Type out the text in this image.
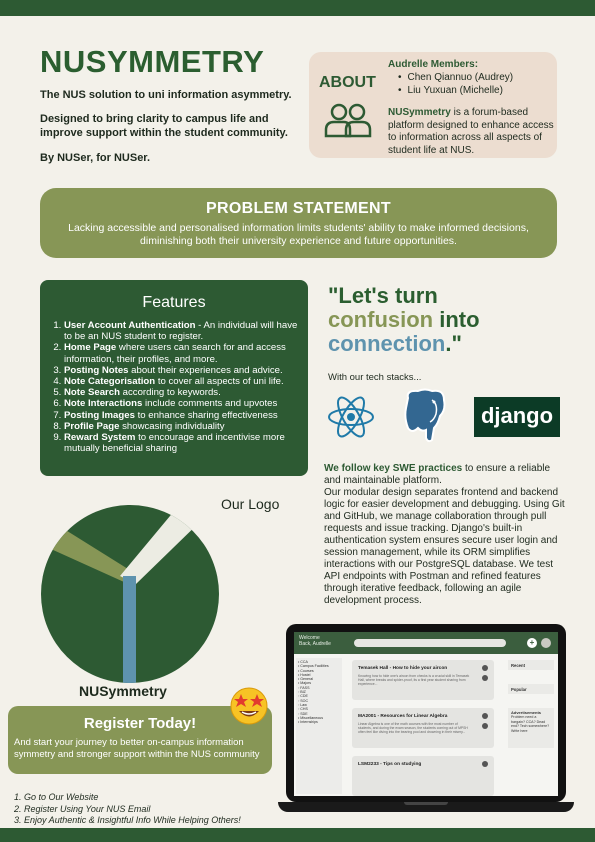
NUSYMMETRY
The NUS solution to uni information asymmetry.
Designed to bring clarity to campus life and improve support within the student community.
By NUSer, for NUSer.
ABOUT
Audrelle Members:
• Chen Qiannuo (Audrey)
• Liu Yuxuan (Michelle)
NUSymmetry is a forum-based platform designed to enhance access to information across all aspects of student life at NUS.
PROBLEM STATEMENT

Lacking accessible and personalised information limits students' ability to make informed decisions, diminishing both their university experience and future opportunities.

Features
1. User Account Authentication - An individual will have to be an NUS student to register.
2. Home Page where users can search for and access information, their profiles, and more.
3. Posting Notes about their experiences and advice.
4. Note Categorisation to cover all aspects of uni life.
5. Note Search according to keywords.
6. Note Interactions include comments and upvotes
7. Posting Images to enhance sharing effectiveness
8. Profile Page showcasing individuality
9. Reward System to encourage and incentivise more mutually beneficial sharing
"Let's turn
confusion into
connection."
With our tech stacks...
django
We follow key SWE practices to ensure a reliable and maintainable platform.
Our modular design separates frontend and backend logic for easier development and debugging. Using Git and GitHub, we manage collaboration through pull requests and issue tracking. Django's built-in authentication system ensures secure user login and session management, while its ORM simplifies interactions with our PostgreSQL database. We test API endpoints with Postman and refined features through iterative feedback, following an agile development process.
Our Logo
NUSymmetry
Register Today!

And start your journey to better on-campus information symmetry and stronger support within the NUS community

1. Go to Our Website
2. Register Using Your NUS Email
3. Enjoy Authentic & Insightful Info While Helping Others!
Welcome Back, Audrelle	+
• CCA
• Campus Facilities
• Courses
• Hostel
• General
• Majors
◦ FASS
◦ BIZ
◦ CDE
◦ SOC
◦ Law
◦ CHS
◦ SDE
• Miscellaneous
• Internships
Temasek Hall - How to hide your aircon
Knowing how to hide one's aircon from checks is a crucial skill in Temasek Hall, where breaks and spider-proof, its a first year student sharing from experience...
MA2001 - Resources for Linear Algebra
Linear Algebra is one of the math courses with the most number of students, and during the exam season, the students coming out of MPSH often feel like diving into the bearing pool and drowning in their misery...
LSM2233 - Tips on studying
Recent
Popular
Advertisements
Problem need a bargain? CCA? Dead end? Tech somewhere? Write here
